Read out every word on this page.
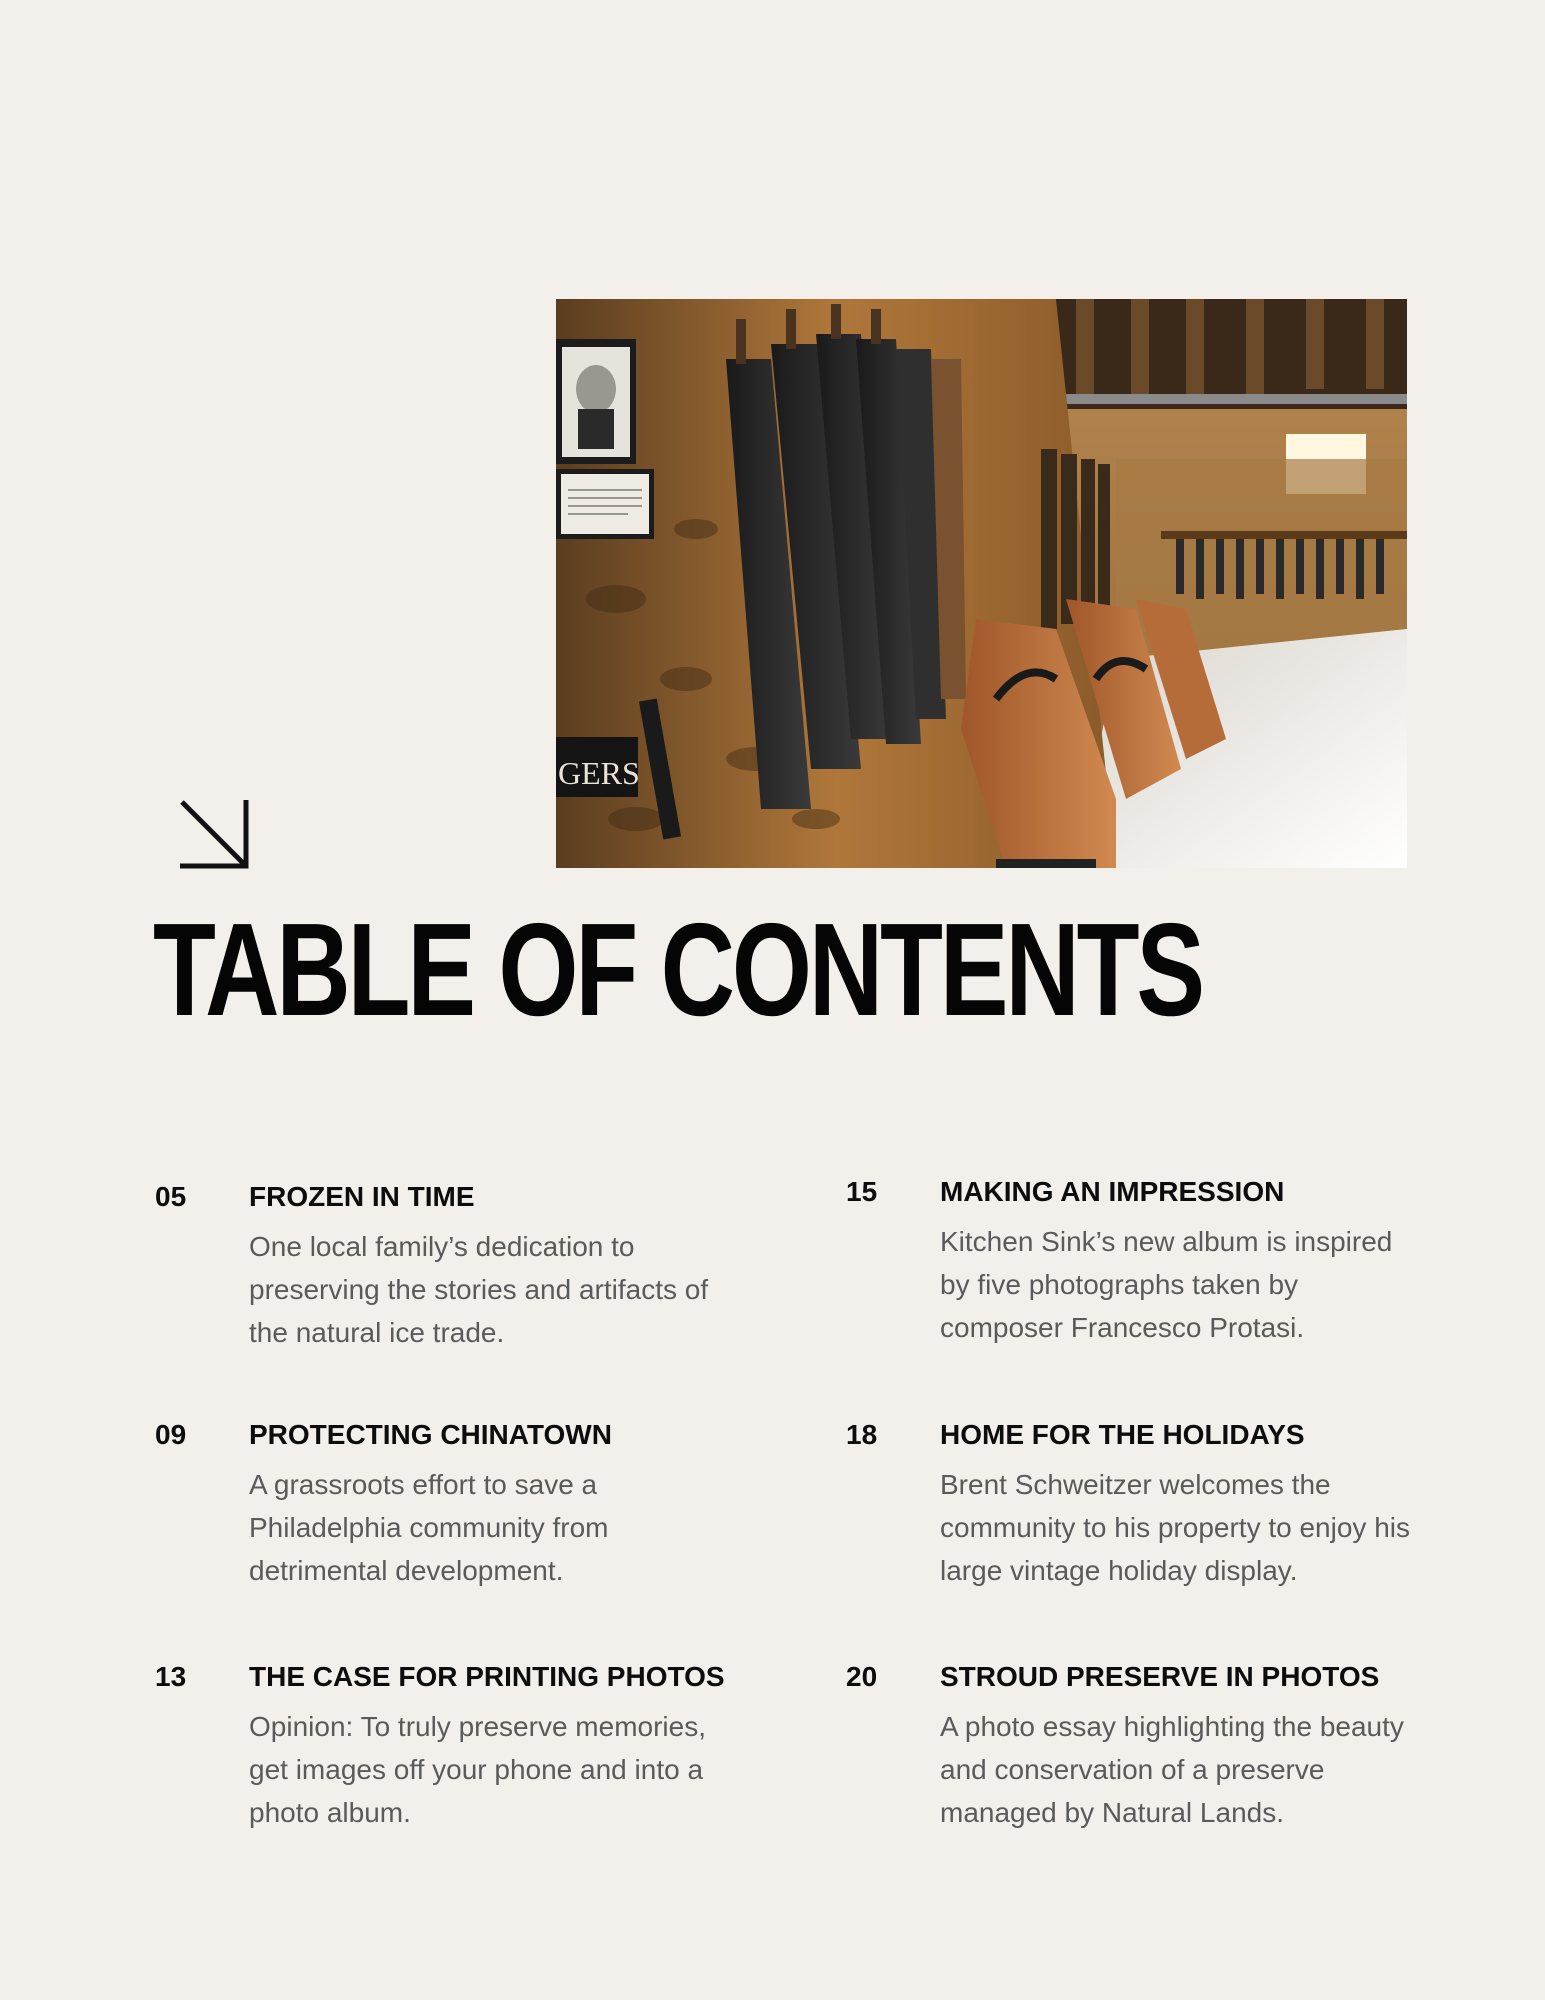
GERS
TABLE OF CONTENTS
05 FROZEN IN TIME

One local family’s dedication to preserving the stories and artifacts of the natural ice trade.

15 MAKING AN IMPRESSION

Kitchen Sink’s new album is inspired by five photographs taken by composer Francesco Protasi.

09 PROTECTING CHINATOWN

A grassroots effort to save a Philadelphia community from detrimental development.

18 HOME FOR THE HOLIDAYS

Brent Schweitzer welcomes the community to his property to enjoy his large vintage holiday display.

13 THE CASE FOR PRINTING PHOTOS

Opinion: To truly preserve memories, get images off your phone and into a photo album.

20 STROUD PRESERVE IN PHOTOS

A photo essay highlighting the beauty and conservation of a preserve managed by Natural Lands.
